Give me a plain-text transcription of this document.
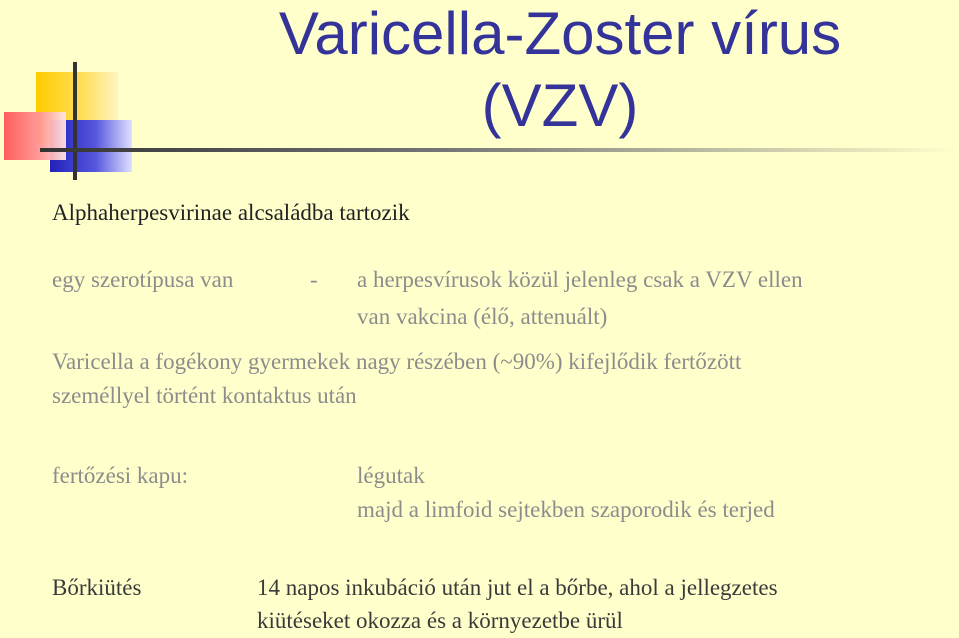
Varicella-Zoster vírus
(VZV)
Alphaherpesvirinae alcsaládba tartozik
egy szerotípusa van	- a herpesvírusok közül jelenleg csak a VZV ellen
van vakcina (élő, attenuált)
Varicella a fogékony gyermekek nagy részében (~90%) kifejlődik fertőzött
személlyel történt kontaktus után
fertőzési kapu:	légutak
majd a limfoid sejtekben szaporodik és terjed
Bőrkiütés	14 napos inkubáció után jut el a bőrbe, ahol a jellegzetes
kiütéseket okozza és a környezetbe ürül
